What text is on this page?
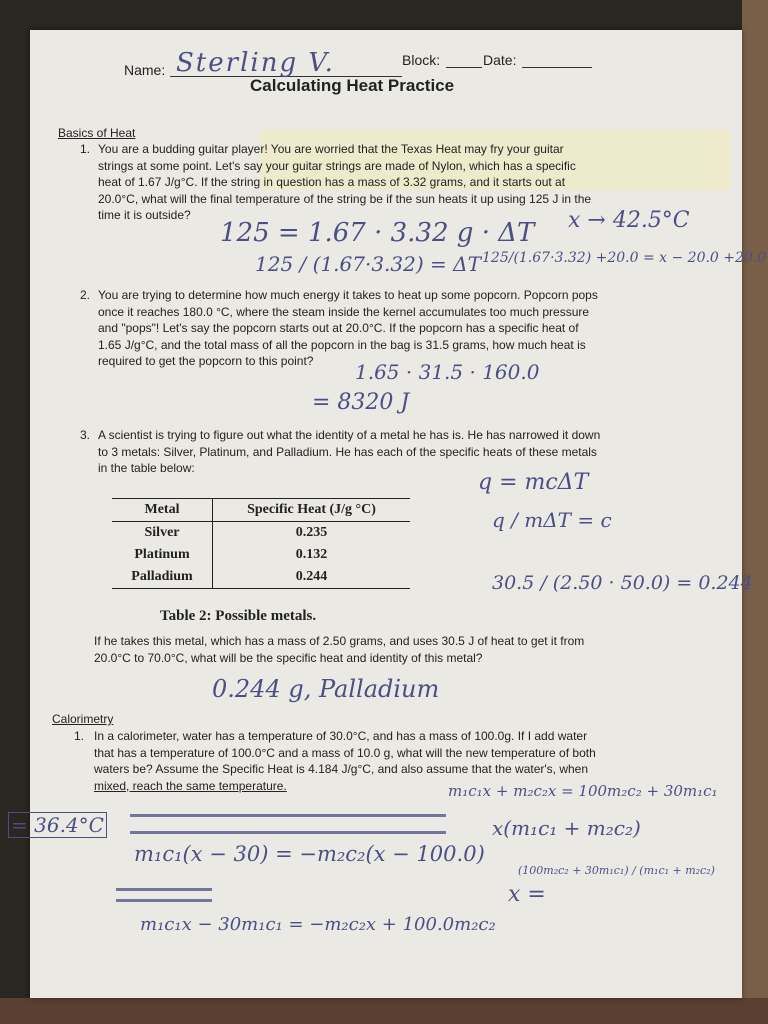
Name: Sterling V.	Block:	Date:
Calculating Heat Practice
Basics of Heat
1. You are a budding guitar player! You are worried that the Texas Heat may fry your guitar
strings at some point. Let's say your guitar strings are made of Nylon, which has a specific
heat of 1.67 J/g°C. If the string in question has a mass of 3.32 grams, and it starts out at
20.0°C, what will the final temperature of the string be if the sun heats it up using 125 J in the
time it is outside?
125 = 1.67 · 3.32 g · ΔT x → 42.5°C
125 / (1.67·3.32) = ΔT 125/(1.67·3.32) +20.0 = x − 20.0 +20.0
2. You are trying to determine how much energy it takes to heat up some popcorn. Popcorn pops
once it reaches 180.0 °C, where the steam inside the kernel accumulates too much pressure
and "pops"! Let's say the popcorn starts out at 20.0°C. If the popcorn has a specific heat of
1.65 J/g°C, and the total mass of all the popcorn in the bag is 31.5 grams, how much heat is
required to get the popcorn to this point?	1.65 · 31.5 · 160.0
= 8320 J
3. A scientist is trying to figure out what the identity of a metal he has is. He has narrowed it down
to 3 metals: Silver, Platinum, and Palladium. He has each of the specific heats of these metals
in the table below:
Metal	Specific Heat (J/g °C)
Silver	0.235
Platinum	0.132
Palladium	0.244
Table 2: Possible metals.
q = mcΔT
q / mΔT = c
30.5 / (2.50 · 50.0) = 0.244
If he takes this metal, which has a mass of 2.50 grams, and uses 30.5 J of heat to get it from
20.0°C to 70.0°C, what will be the specific heat and identity of this metal?
0.244 g, Palladium
Calorimetry
1. In a calorimeter, water has a temperature of 30.0°C, and has a mass of 100.0g. If I add water
that has a temperature of 100.0°C and a mass of 10.0 g, what will the new temperature of both
waters be? Assume the Specific Heat is 4.184 J/g°C, and also assume that the water's, when
mixed, reach the same temperature.	m₁c₁x + m₂c₂x = 100m₂c₂ + 30m₁c₁
= 36.4°C	x(m₁c₁ + m₂c₂)
m₁c₁(x − 30) = −m₂c₂(x − 100.0)
(100m₂c₂ + 30m₁c₁) / (m₁c₁ + m₂c₂)
x =
m₁c₁x − 30m₁c₁ = −m₂c₂x + 100.0m₂c₂
